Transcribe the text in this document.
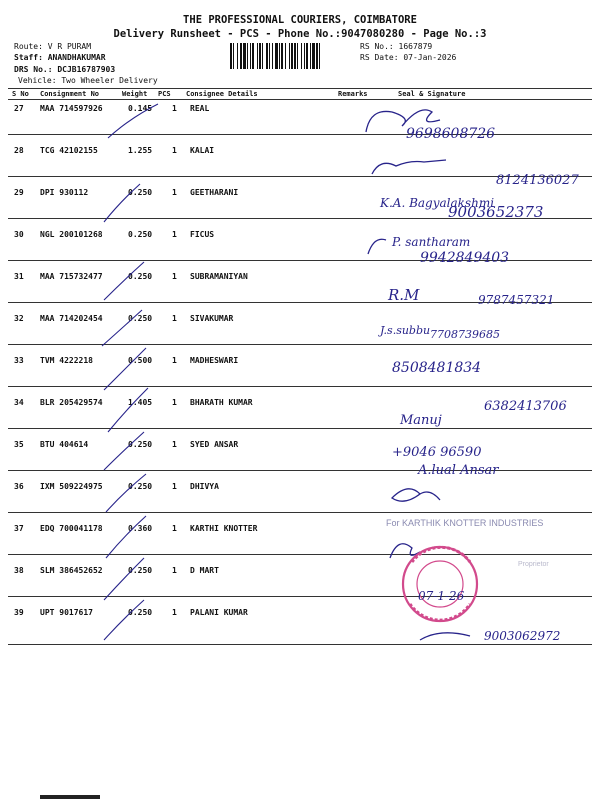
THE PROFESSIONAL COURIERS, COIMBATORE
Delivery Runsheet - PCS - Phone No.:9047080280 - Page No.:3
Route: V R PURAM
Staff: ANANDHAKUMAR
DRS No.: DCJB16787903
Vehicle: Two Wheeler Delivery
RS No.: 1667879
RS Date: 07-Jan-2026
S No Consignment No	Weight PCS Consignee Details	Remarks	Seal & Signature
27 MAA 714597926	0.145 1 REAL
28 TCG 42102155	1.255 1 KALAI
29 DPI 930112	0.250 1 GEETHARANI
30 NGL 200101268	0.250 1 FICUS
31 MAA 715732477	0.250 1 SUBRAMANIYAN
32 MAA 714202454	0.250 1 SIVAKUMAR
33 TVM 4222218	0.500 1 MADHESWARI
34 BLR 205429574	1.405 1 BHARATH KUMAR
35 BTU 404614	0.250 1 SYED ANSAR
36 IXM 509224975	0.250 1 DHIVYA
37 EDQ 700041178	0.360 1 KARTHI KNOTTER
38 SLM 386452652	0.250 1 D MART
39 UPT 9017617	0.250 1 PALANI KUMAR
9698608726
8124136027
K.A. Bagyalakshmi
9003652373
P. santharam
9942849403
R.M	9787457321
J.s.subbu 7708739685
8508481834
6382413706
Manuj
+9046 96590
A.lual Ansar
9003062972
For KARTHIK KNOTTER INDUSTRIES
Proprietor
07-1-26
